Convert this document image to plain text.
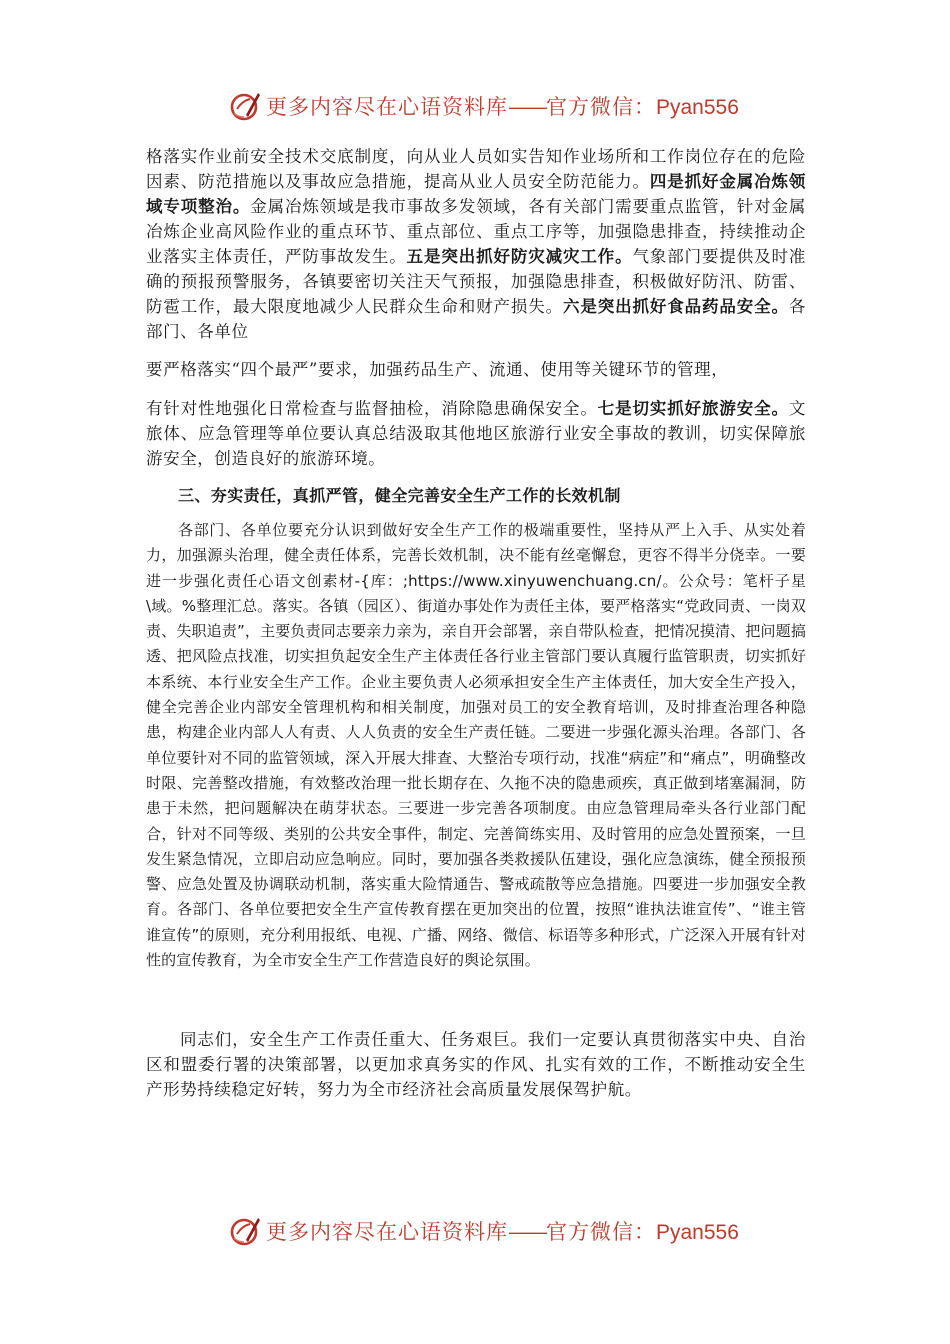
更多内容尽在心语资料库——官方微信：Pyan556

格落实作业前安全技术交底制度，向从业人员如实告知作业场所和工作岗位存在的危险因素、防范措施以及事故应急措施，提高从业人员安全防范能力。四是抓好金属冶炼领域专项整治。金属冶炼领域是我市事故多发领域，各有关部门需要重点监管，针对金属冶炼企业高风险作业的重点环节、重点部位、重点工序等，加强隐患排查，持续推动企业落实主体责任，严防事故发生。五是突出抓好防灾减灾工作。气象部门要提供及时准确的预报预警服务，各镇要密切关注天气预报，加强隐患排查，积极做好防汛、防雷、防雹工作，最大限度地减少人民群众生命和财产损失。六是突出抓好食品药品安全。各部门、各单位

要严格落实“四个最严”要求，加强药品生产、流通、使用等关键环节的管理，

有针对性地强化日常检查与监督抽检，消除隐患确保安全。七是切实抓好旅游安全。文旅体、应急管理等单位要认真总结汲取其他地区旅游行业安全事故的教训，切实保障旅游安全，创造良好的旅游环境。

三、夯实责任，真抓严管，健全完善安全生产工作的长效机制

各部门、各单位要充分认识到做好安全生产工作的极端重要性，坚持从严上入手、从实处着力，加强源头治理，健全责任体系，完善长效机制，决不能有丝毫懈怠，更容不得半分侥幸。一要进一步强化责任心语文创素材-{库：;https://www.xinyuwenchuang.cn/。公众号：笔杆子星\域。%整理汇总。落实。各镇（园区）、街道办事处作为责任主体，要严格落实“党政同责、一岗双责、失职追责”，主要负责同志要亲力亲为，亲自开会部署，亲自带队检查，把情况摸清、把问题搞透、把风险点找准，切实担负起安全生产主体责任各行业主管部门要认真履行监管职责，切实抓好本系统、本行业安全生产工作。企业主要负责人必须承担安全生产主体责任，加大安全生产投入，健全完善企业内部安全管理机构和相关制度，加强对员工的安全教育培训，及时排查治理各种隐患，构建企业内部人人有责、人人负责的安全生产责任链。二要进一步强化源头治理。各部门、各单位要针对不同的监管领域，深入开展大排查、大整治专项行动，找准“病症”和“痛点”，明确整改时限、完善整改措施，有效整改治理一批长期存在、久拖不决的隐患顽疾，真正做到堵塞漏洞，防患于未然，把问题解决在萌芽状态。三要进一步完善各项制度。由应急管理局牵头各行业部门配合，针对不同等级、类别的公共安全事件，制定、完善简练实用、及时管用的应急处置预案，一旦发生紧急情况，立即启动应急响应。同时，要加强各类救援队伍建设，强化应急演练，健全预报预警、应急处置及协调联动机制，落实重大险情通告、警戒疏散等应急措施。四要进一步加强安全教育。各部门、各单位要把安全生产宣传教育摆在更加突出的位置，按照“谁执法谁宣传”、“谁主管谁宣传”的原则，充分利用报纸、电视、广播、网络、微信、标语等多种形式，广泛深入开展有针对性的宣传教育，为全市安全生产工作营造良好的舆论氛围。

同志们，安全生产工作责任重大、任务艰巨。我们一定要认真贯彻落实中央、自治区和盟委行署的决策部署，以更加求真务实的作风、扎实有效的工作，不断推动安全生产形势持续稳定好转，努力为全市经济社会高质量发展保驾护航。

更多内容尽在心语资料库——官方微信：Pyan556
